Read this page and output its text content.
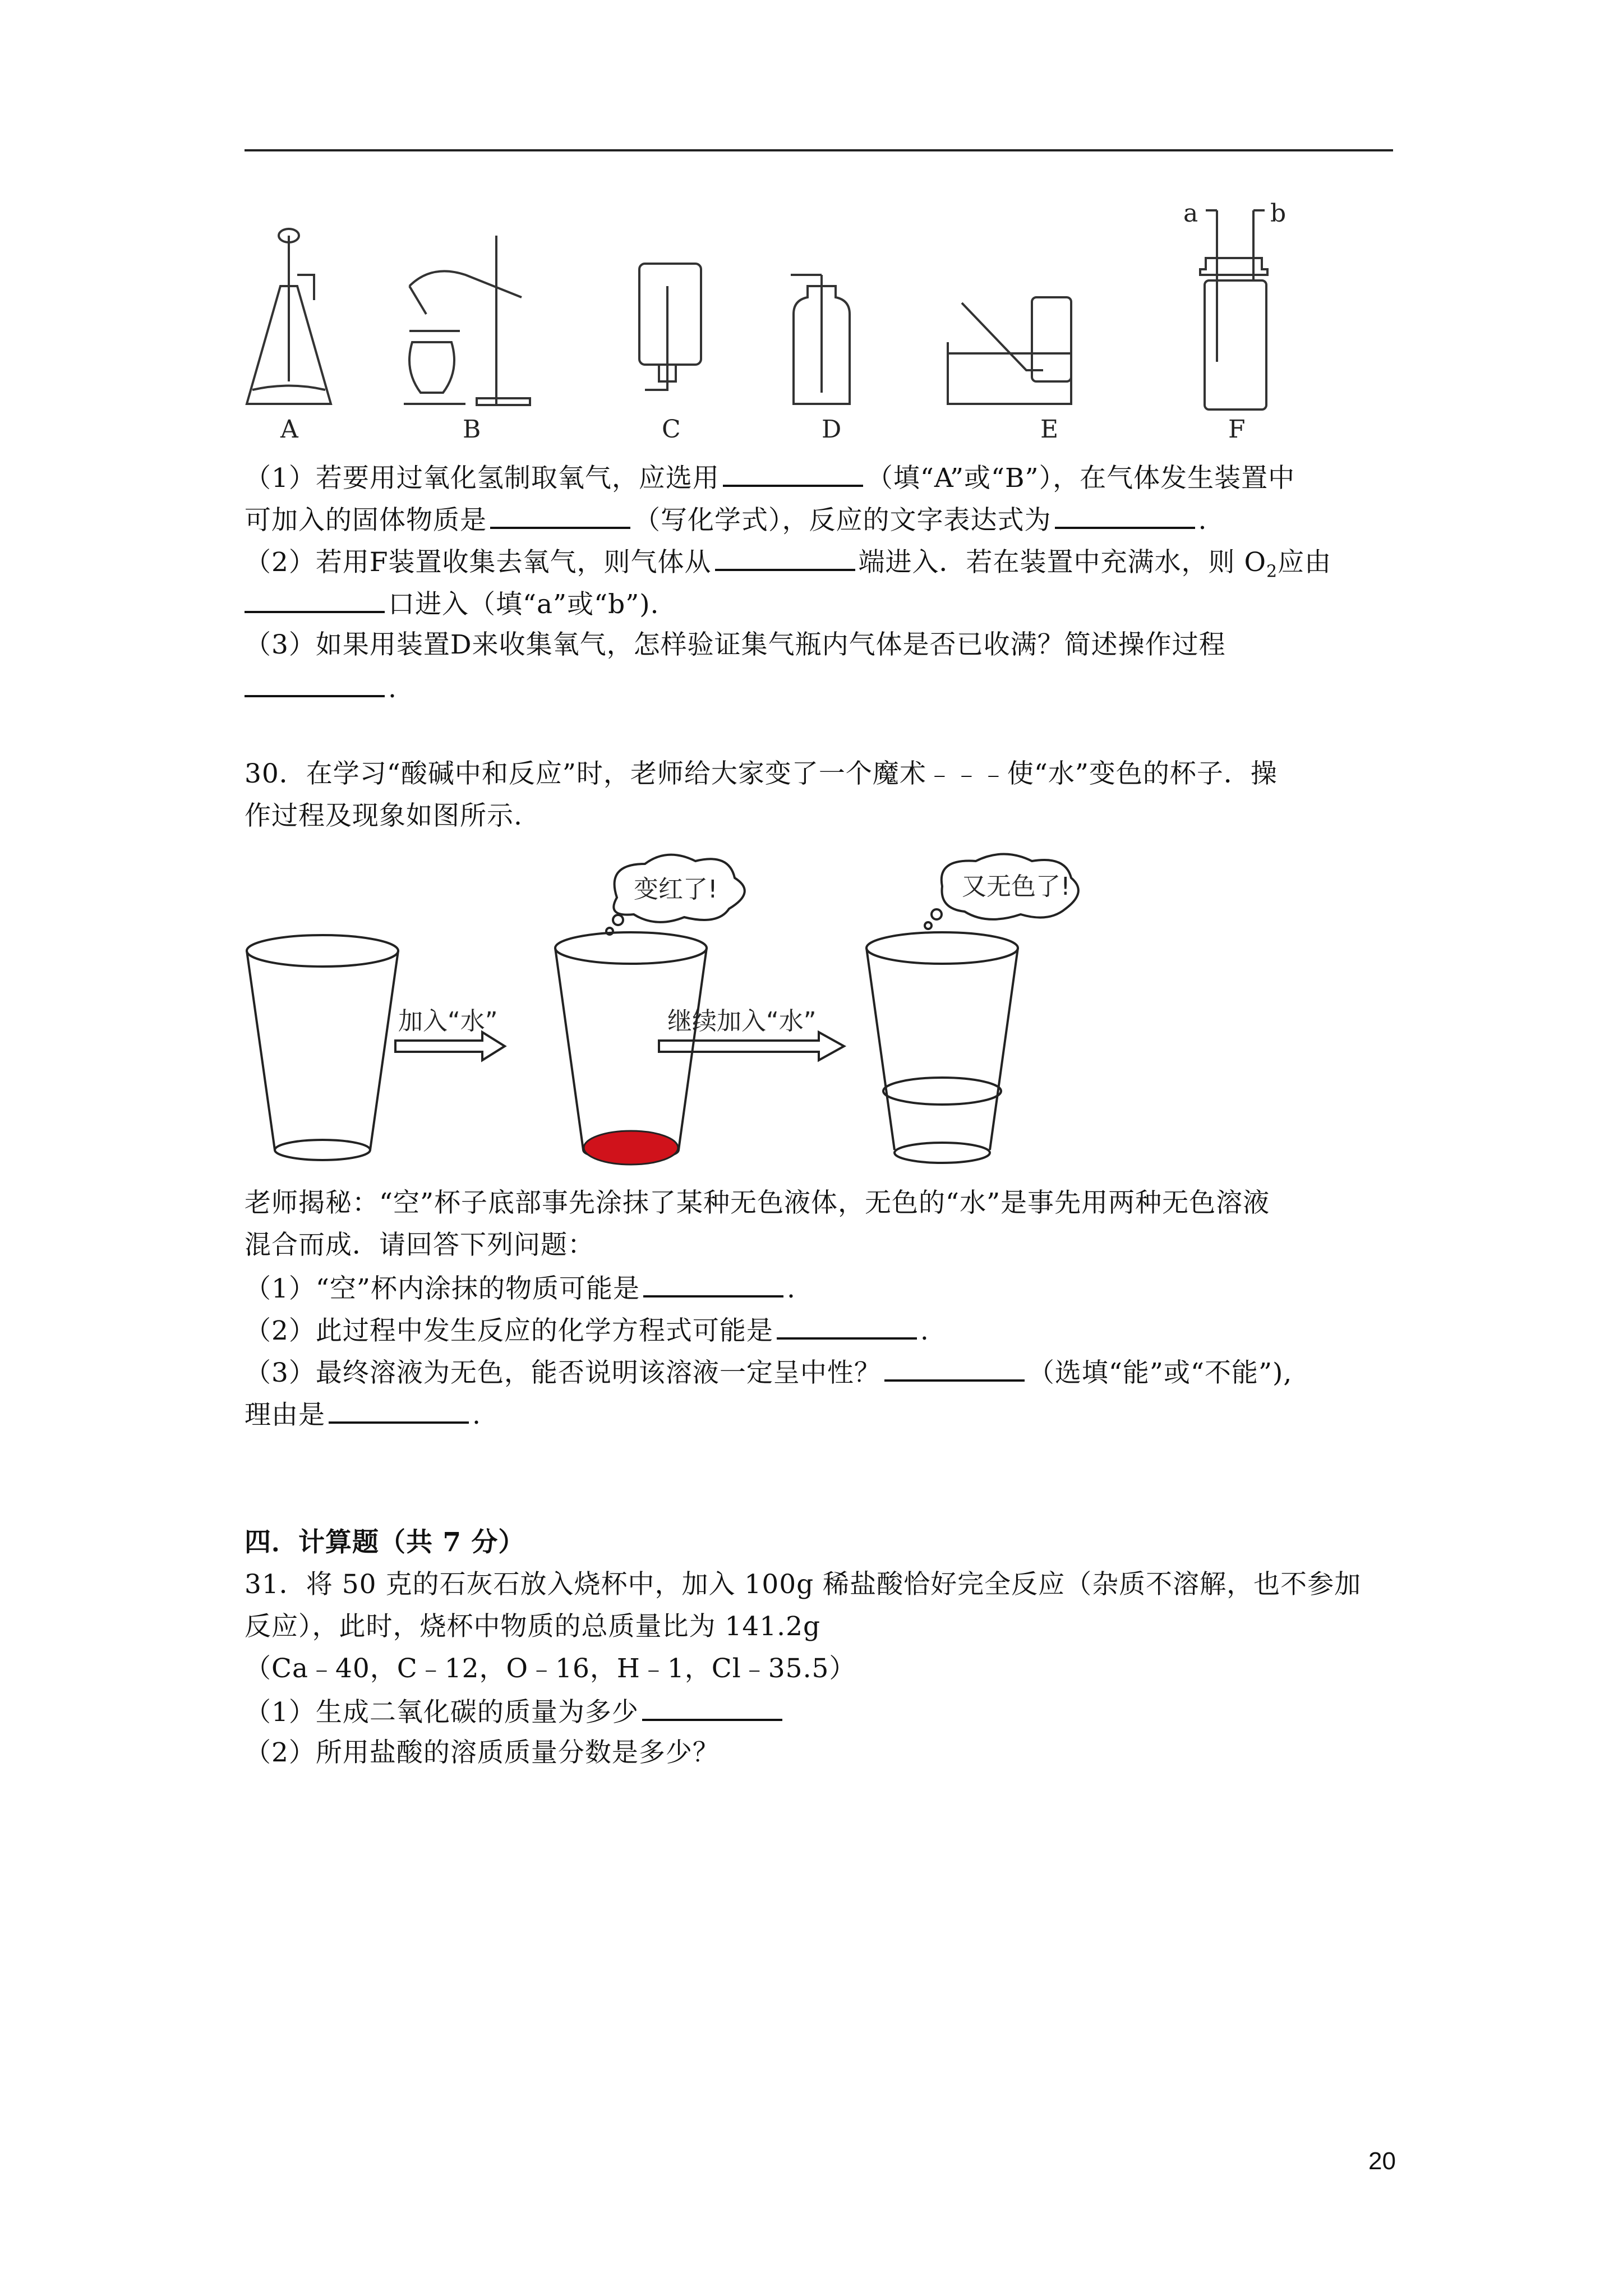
A	B	C	D	E	F
a	b
（1）若要用过氧化氢制取氧气，应选用	（填“A”或“B”），在气体发生装置中
可加入的固体物质是	（写化学式），反应的文字表达式为	.
（2）若用F装置收集去氧气，则气体从	端进入．若在装置中充满水，则 $O_2$应由
口进入（填“a”或“b”).
（3）如果用装置D来收集氧气，怎样验证集气瓶内气体是否已收满？简述操作过程
.
30．在学习“酸碱中和反应”时，老师给大家变了一个魔术﹣﹣﹣使“水”变色的杯子．操
作过程及现象如图所示.
变红了!	又无色了!
加入“水”	继续加入“水”
老师揭秘：“空”杯子底部事先涂抹了某种无色液体，无色的“水”是事先用两种无色溶液
混合而成．请回答下列问题：
（1）“空”杯内涂抹的物质可能是	.
（2）此过程中发生反应的化学方程式可能是	.
（3）最终溶液为无色，能否说明该溶液一定呈中性？	（选填“能”或“不能”),
理由是	.
四．计算题（共 7 分）
31．将 50 克的石灰石放入烧杯中，加入 100g 稀盐酸恰好完全反应（杂质不溶解，也不参加
反应），此时，烧杯中物质的总质量比为 141.2g
（Ca﹣40，C﹣12，O﹣16，H﹣1，Cl﹣35.5）
（1）生成二氧化碳的质量为多少
（2）所用盐酸的溶质质量分数是多少？
20
